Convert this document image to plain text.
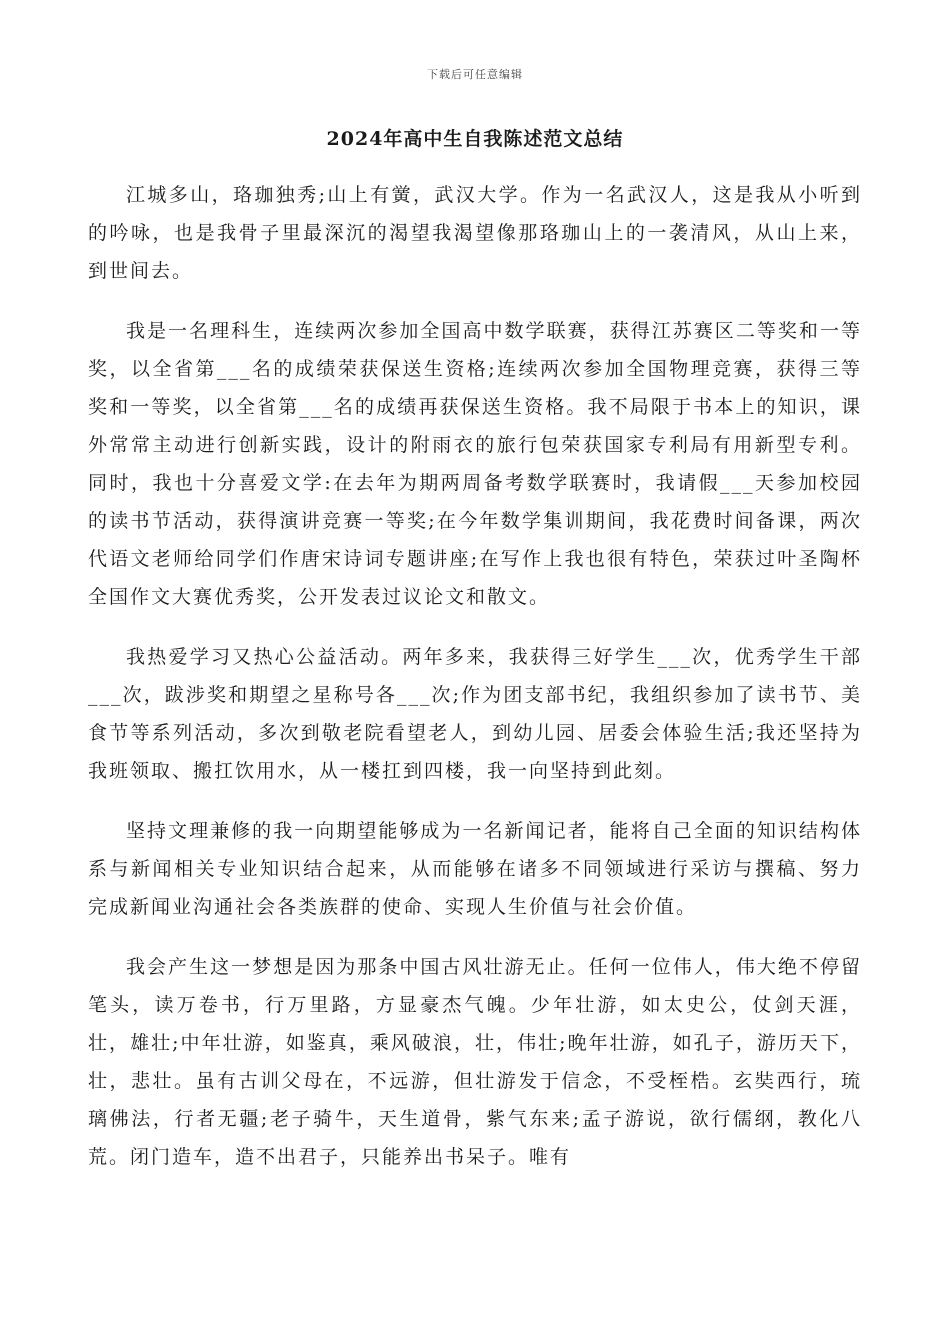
下载后可任意编辑
2024年高中生自我陈述范文总结

江城多山，珞珈独秀;山上有黉，武汉大学。作为一名武汉人，这是我从小听到的吟咏，也是我骨子里最深沉的渴望我渴望像那珞珈山上的一袭清风，从山上来，到世间去。

我是一名理科生，连续两次参加全国高中数学联赛，获得江苏赛区二等奖和一等奖，以全省第___名的成绩荣获保送生资格;连续两次参加全国物理竞赛，获得三等奖和一等奖，以全省第___名的成绩再获保送生资格。我不局限于书本上的知识，课外常常主动进行创新实践，设计的附雨衣的旅行包荣获国家专利局有用新型专利。同时，我也十分喜爱文学:在去年为期两周备考数学联赛时，我请假___天参加校园的读书节活动，获得演讲竞赛一等奖;在今年数学集训期间，我花费时间备课，两次代语文老师给同学们作唐宋诗词专题讲座;在写作上我也很有特色，荣获过叶圣陶杯全国作文大赛优秀奖，公开发表过议论文和散文。

我热爱学习又热心公益活动。两年多来，我获得三好学生___次，优秀学生干部___次，跋涉奖和期望之星称号各___次;作为团支部书纪，我组织参加了读书节、美食节等系列活动，多次到敬老院看望老人，到幼儿园、居委会体验生活;我还坚持为我班领取、搬扛饮用水，从一楼扛到四楼，我一向坚持到此刻。

坚持文理兼修的我一向期望能够成为一名新闻记者，能将自己全面的知识结构体系与新闻相关专业知识结合起来，从而能够在诸多不同领域进行采访与撰稿、努力完成新闻业沟通社会各类族群的使命、实现人生价值与社会价值。

我会产生这一梦想是因为那条中国古风壮游无止。任何一位伟人，伟大绝不停留笔头，读万卷书，行万里路，方显豪杰气魄。少年壮游，如太史公，仗剑天涯，壮，雄壮;中年壮游，如鉴真，乘风破浪，壮，伟壮;晚年壮游，如孔子，游历天下，壮，悲壮。虽有古训父母在，不远游，但壮游发于信念，不受桎梏。玄奘西行，琉璃佛法，行者无疆;老子骑牛，天生道骨，紫气东来;孟子游说，欲行儒纲，教化八荒。闭门造车，造不出君子，只能养出书呆子。唯有
